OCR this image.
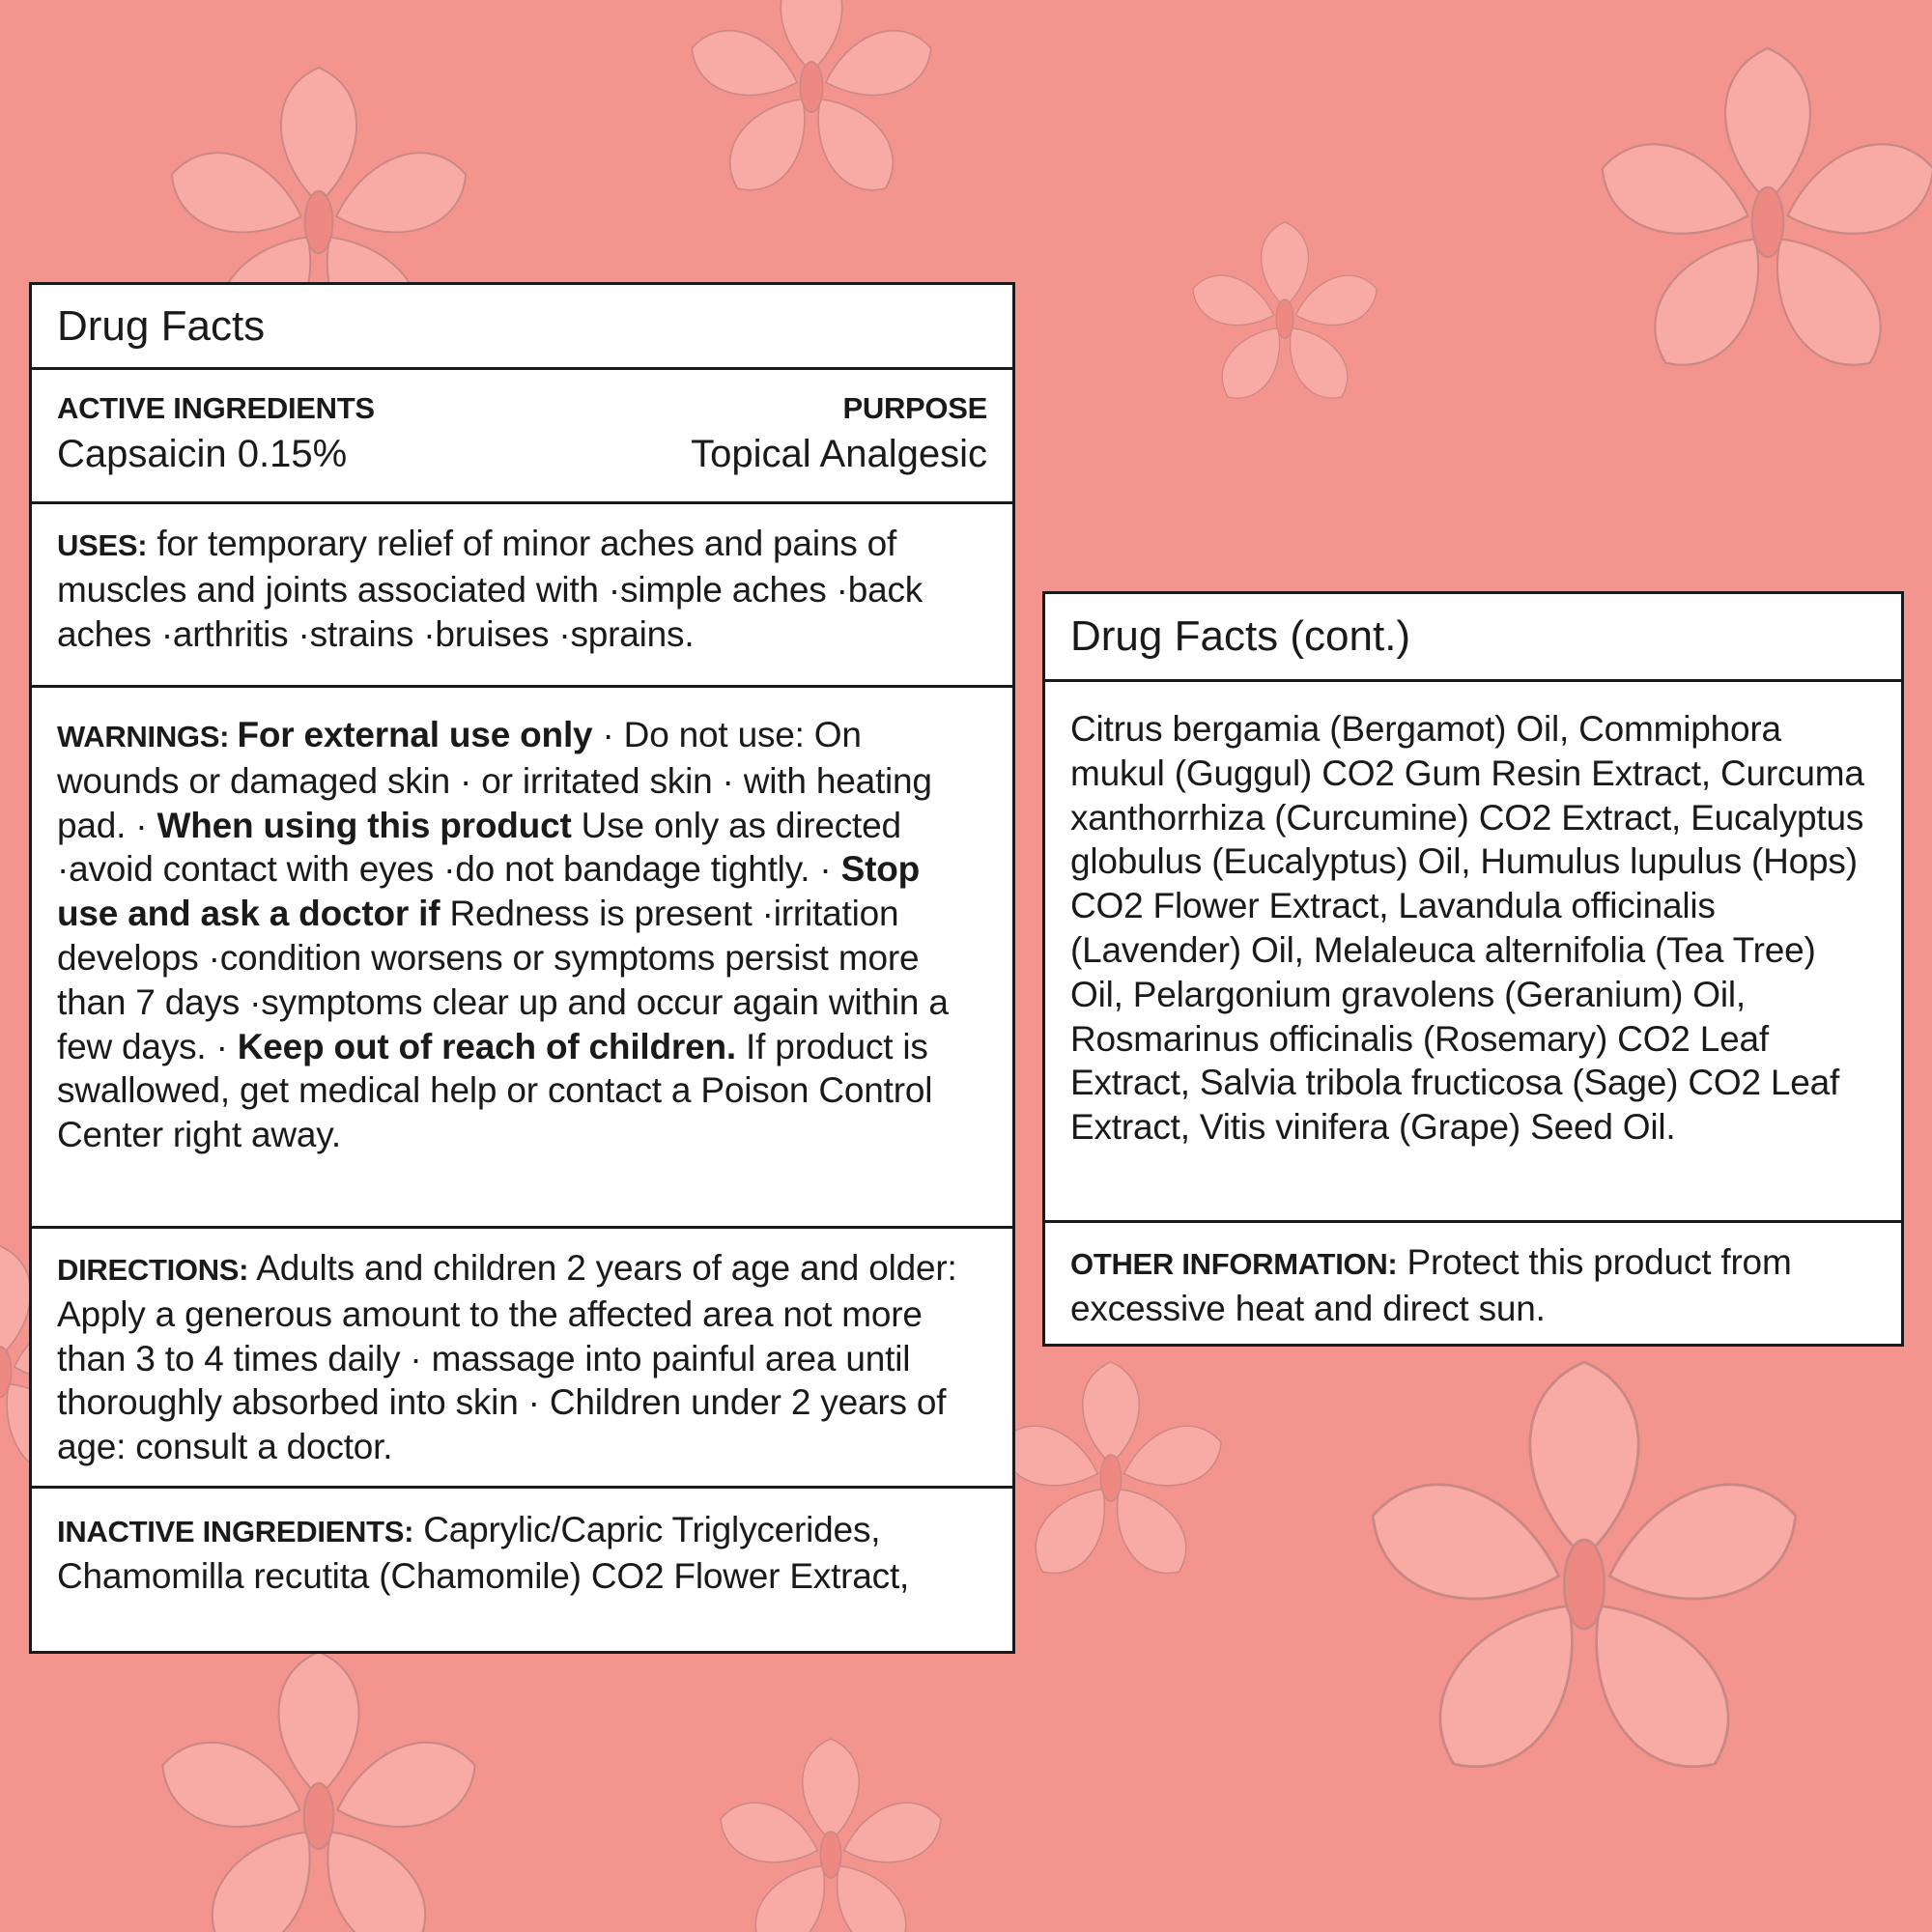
Drug Facts
ACTIVE INGREDIENTS
Capsaicin 0.15%
PURPOSE
Topical Analgesic

USES: for temporary relief of minor aches and pains of muscles and joints associated with ·simple aches ·back aches ·arthritis ·strains ·bruises ·sprains.

WARNINGS: For external use only · Do not use: On wounds or damaged skin · or irritated skin · with heating pad. · When using this product Use only as directed ·avoid contact with eyes ·do not bandage tightly. · Stop use and ask a doctor if Redness is present ·irritation develops ·condition worsens or symptoms persist more than 7 days ·symptoms clear up and occur again within a few days. · Keep out of reach of children. If product is swallowed, get medical help or contact a Poison Control Center right away.

DIRECTIONS: Adults and children 2 years of age and older: Apply a generous amount to the affected area not more than 3 to 4 times daily · massage into painful area until thoroughly absorbed into skin · Children under 2 years of age: consult a doctor.

INACTIVE INGREDIENTS: Caprylic/Capric Triglycerides, Chamomilla recutita (Chamomile) CO2 Flower Extract,

Drug Facts (cont.)

Citrus bergamia (Bergamot) Oil, Commiphora mukul (Guggul) CO2 Gum Resin Extract, Curcuma xanthorrhiza (Curcumine) CO2 Extract, Eucalyptus globulus (Eucalyptus) Oil, Humulus lupulus (Hops) CO2 Flower Extract, Lavandula officinalis (Lavender) Oil, Melaleuca alternifolia (Tea Tree) Oil, Pelargonium gravolens (Geranium) Oil, Rosmarinus officinalis (Rosemary) CO2 Leaf Extract, Salvia tribola fructicosa (Sage) CO2 Leaf Extract, Vitis vinifera (Grape) Seed Oil.

OTHER INFORMATION: Protect this product from excessive heat and direct sun.
